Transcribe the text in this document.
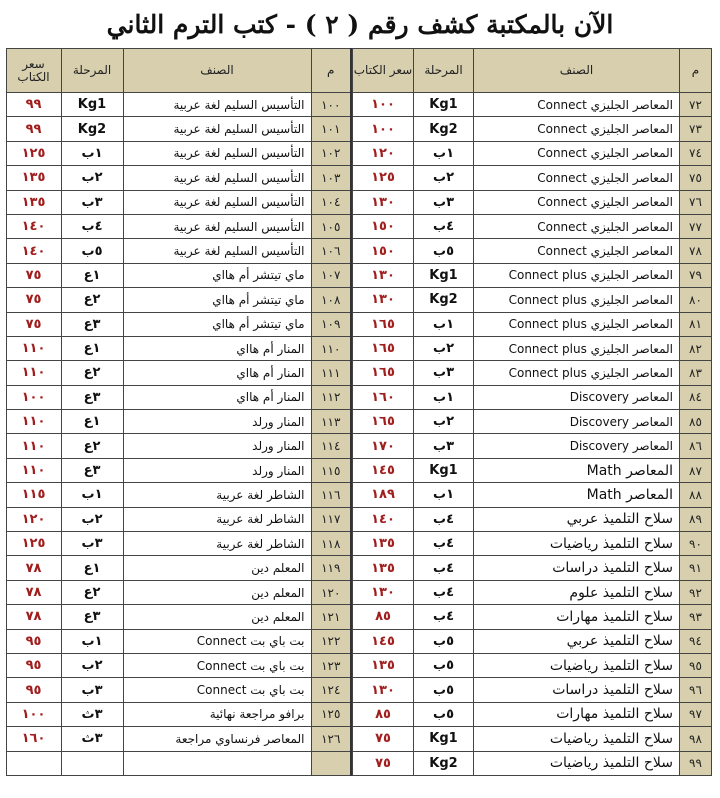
الآن بالمكتبة كشف رقم ( ٢ ) - كتب الترم الثاني
م	الصنف	المرحلة	سعر الكتاب
٧٢	المعاصر الجليزي Connect	Kg1	١٠٠
٧٣	المعاصر الجليزي Connect	Kg2	١٠٠
٧٤	المعاصر الجليزي Connect	١ب	١٢٠
٧٥	المعاصر الجليزي Connect	٢ب	١٢٥
٧٦	المعاصر الجليزي Connect	٣ب	١٣٠
٧٧	المعاصر الجليزي Connect	٤ب	١٥٠
٧٨	المعاصر الجليزي Connect	٥ب	١٥٠
٧٩	المعاصر الجليزي Connect plus	Kg1	١٣٠
٨٠	المعاصر الجليزي Connect plus	Kg2	١٣٠
٨١	المعاصر الجليزي Connect plus	١ب	١٦٥
٨٢	المعاصر الجليزي Connect plus	٢ب	١٦٥
٨٣	المعاصر الجليزي Connect plus	٣ب	١٦٥
٨٤	المعاصر Discovery	١ب	١٦٠
٨٥	المعاصر Discovery	٢ب	١٦٥
٨٦	المعاصر Discovery	٣ب	١٧٠
٨٧	المعاصر Math	Kg1	١٤٥
٨٨	المعاصر Math	١ب	١٨٩
٨٩	سلاح التلميذ عربي	٤ب	١٤٠
٩٠	سلاح التلميذ رياضيات	٤ب	١٣٥
٩١	سلاح التلميذ دراسات	٤ب	١٣٥
٩٢	سلاح التلميذ علوم	٤ب	١٣٠
٩٣	سلاح التلميذ مهارات	٤ب	٨٥
٩٤	سلاح التلميذ عربي	٥ب	١٤٥
٩٥	سلاح التلميذ رياضيات	٥ب	١٣٥
٩٦	سلاح التلميذ دراسات	٥ب	١٣٠
٩٧	سلاح التلميذ مهارات	٥ب	٨٥
٩٨	سلاح التلميذ رياضيات	Kg1	٧٥
٩٩	سلاح التلميذ رياضيات	Kg2	٧٥
م	الصنف	المرحلة	سعر الكتاب
١٠٠	التأسيس السليم لغة عربية	Kg1	٩٩
١٠١	التأسيس السليم لغة عربية	Kg2	٩٩
١٠٢	التأسيس السليم لغة عربية	١ب	١٢٥
١٠٣	التأسيس السليم لغة عربية	٢ب	١٣٥
١٠٤	التأسيس السليم لغة عربية	٣ب	١٣٥
١٠٥	التأسيس السليم لغة عربية	٤ب	١٤٠
١٠٦	التأسيس السليم لغة عربية	٥ب	١٤٠
١٠٧	ماي تيتشر أم هااي	١ع	٧٥
١٠٨	ماي تيتشر أم هااي	٢ع	٧٥
١٠٩	ماي تيتشر أم هااي	٣ع	٧٥
١١٠	المنار أم هااي	١ع	١١٠
١١١	المنار أم هااي	٢ع	١١٠
١١٢	المنار أم هااي	٣ع	١٠٠
١١٣	المنار ورلد	١ع	١١٠
١١٤	المنار ورلد	٢ع	١١٠
١١٥	المنار ورلد	٣ع	١١٠
١١٦	الشاطر لغة عربية	١ب	١١٥
١١٧	الشاطر لغة عربية	٢ب	١٢٠
١١٨	الشاطر لغة عربية	٣ب	١٢٥
١١٩	المعلم دين	١ع	٧٨
١٢٠	المعلم دين	٢ع	٧٨
١٢١	المعلم دين	٣ع	٧٨
١٢٢	بت باي بت Connect	١ب	٩٥
١٢٣	بت باي بت Connect	٢ب	٩٥
١٢٤	بت باي بت Connect	٣ب	٩٥
١٢٥	برافو مراجعة نهائية	٣ث	١٠٠
١٢٦	المعاصر فرنساوي مراجعة	٣ث	١٦٠
